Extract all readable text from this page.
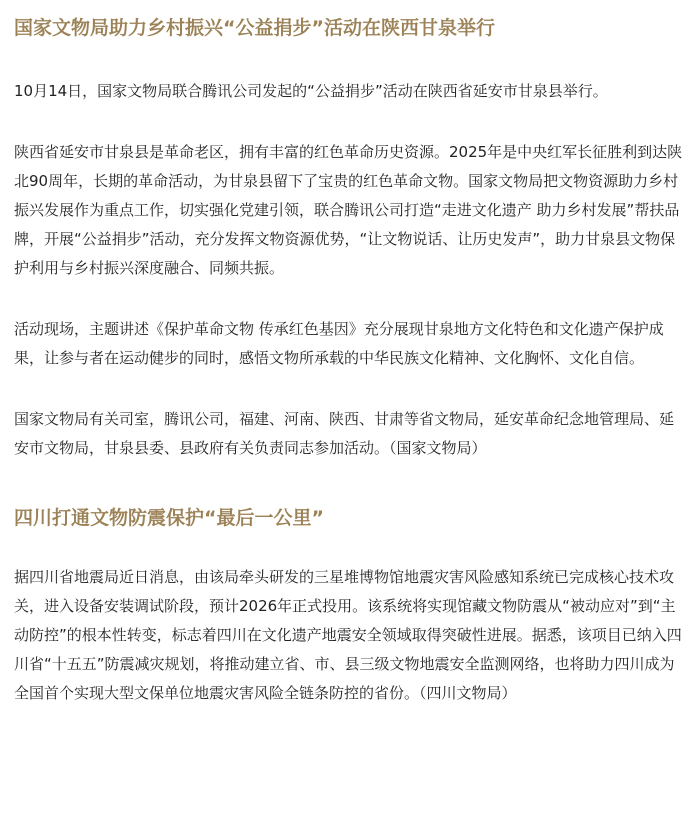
国家文物局助力乡村振兴“公益捐步”活动在陕西甘泉举行

10月14日，国家文物局联合腾讯公司发起的“公益捐步”活动在陕西省延安市甘泉县举行。

陕西省延安市甘泉县是革命老区，拥有丰富的红色革命历史资源。2025年是中央红军长征胜利到达陕北90周年，长期的革命活动，为甘泉县留下了宝贵的红色革命文物。国家文物局把文物资源助力乡村振兴发展作为重点工作，切实强化党建引领，联合腾讯公司打造“走进文化遗产 助力乡村发展”帮扶品牌，开展“公益捐步”活动，充分发挥文物资源优势，“让文物说话、让历史发声”，助力甘泉县文物保护利用与乡村振兴深度融合、同频共振。

活动现场，主题讲述《保护革命文物 传承红色基因》充分展现甘泉地方文化特色和文化遗产保护成果，让参与者在运动健步的同时，感悟文物所承载的中华民族文化精神、文化胸怀、文化自信。

国家文物局有关司室，腾讯公司，福建、河南、陕西、甘肃等省文物局，延安革命纪念地管理局、延安市文物局，甘泉县委、县政府有关负责同志参加活动。（国家文物局）

四川打通文物防震保护“最后一公里”

据四川省地震局近日消息，由该局牵头研发的三星堆博物馆地震灾害风险感知系统已完成核心技术攻关，进入设备安装调试阶段，预计2026年正式投用。该系统将实现馆藏文物防震从“被动应对”到“主动防控”的根本性转变，标志着四川在文化遗产地震安全领域取得突破性进展。据悉，该项目已纳入四川省“十五五”防震减灾规划，将推动建立省、市、县三级文物地震安全监测网络，也将助力四川成为全国首个实现大型文保单位地震灾害风险全链条防控的省份。（四川文物局）
